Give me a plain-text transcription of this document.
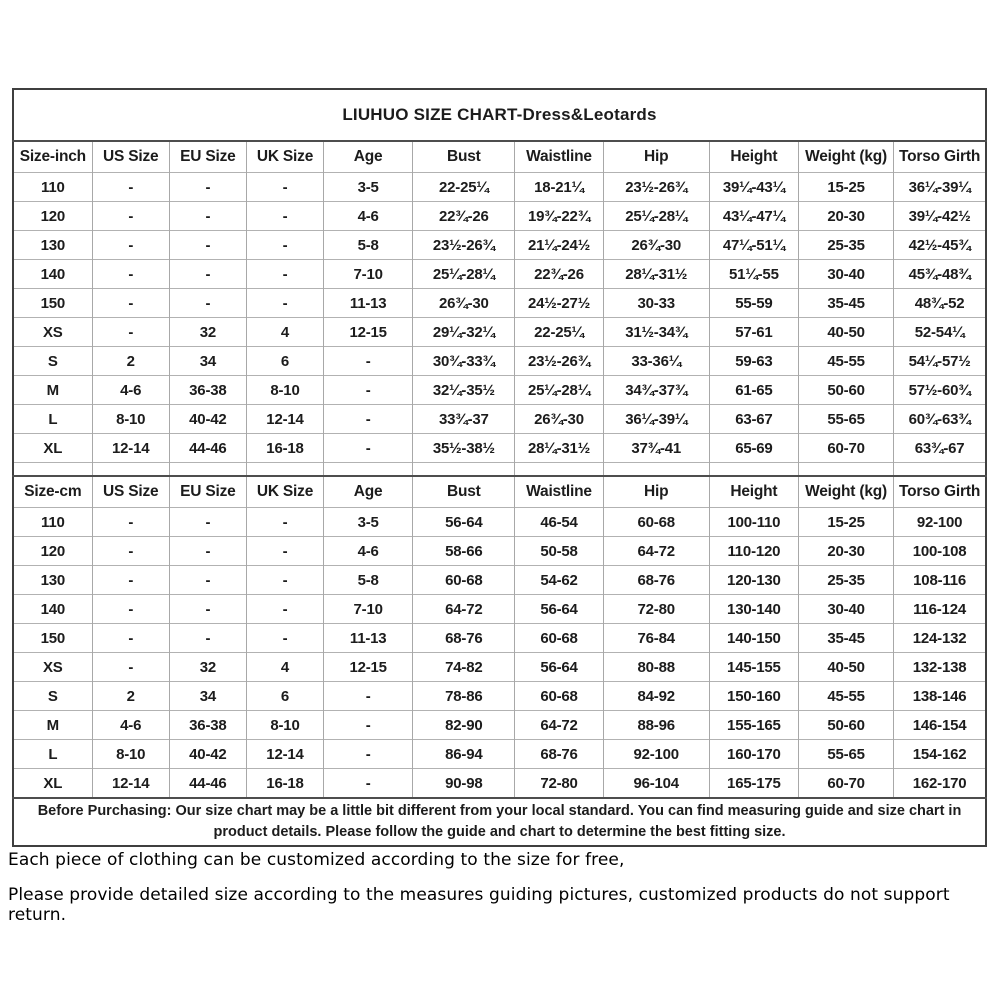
LIUHUO SIZE CHART-Dress&Leotards										
Size-inch	US Size	EU Size	UK Size	Age	Bust	Waistline	Hip	Height	Weight (kg)	Torso Girth
110	-	-	-	3-5	22-25¼	18-21¼	23½-26¾	39¼-43¼	15-25	36¼-39¼
120	-	-	-	4-6	22¾-26	19¾-22¾	25¼-28¼	43¼-47¼	20-30	39¼-42½
130	-	-	-	5-8	23½-26¾	21¼-24½	26¾-30	47¼-51¼	25-35	42½-45¾
140	-	-	-	7-10	25¼-28¼	22¾-26	28¼-31½	51¼-55	30-40	45¾-48¾
150	-	-	-	11-13	26¾-30	24½-27½	30-33	55-59	35-45	48¾-52
XS	-	32	4	12-15	29¼-32¼	22-25¼	31½-34¾	57-61	40-50	52-54¼
S	2	34	6	-	30¾-33¾	23½-26¾	33-36¼	59-63	45-55	54¼-57½
M	4-6	36-38	8-10	-	32¼-35½	25¼-28¼	34¾-37¾	61-65	50-60	57½-60¾
L	8-10	40-42	12-14	-	33¾-37	26¾-30	36¼-39¼	63-67	55-65	60¾-63¾
XL	12-14	44-46	16-18	-	35½-38½	28¼-31½	37¾-41	65-69	60-70	63¾-67

Size-cm	US Size	EU Size	UK Size	Age	Bust	Waistline	Hip	Height	Weight (kg)	Torso Girth
110	-	-	-	3-5	56-64	46-54	60-68	100-110	15-25	92-100
120	-	-	-	4-6	58-66	50-58	64-72	110-120	20-30	100-108
130	-	-	-	5-8	60-68	54-62	68-76	120-130	25-35	108-116
140	-	-	-	7-10	64-72	56-64	72-80	130-140	30-40	116-124
150	-	-	-	11-13	68-76	60-68	76-84	140-150	35-45	124-132
XS	-	32	4	12-15	74-82	56-64	80-88	145-155	40-50	132-138
S	2	34	6	-	78-86	60-68	84-92	150-160	45-55	138-146
M	4-6	36-38	8-10	-	82-90	64-72	88-96	155-165	50-60	146-154
L	8-10	40-42	12-14	-	86-94	68-76	92-100	160-170	55-65	154-162
XL	12-14	44-46	16-18	-	90-98	72-80	96-104	165-175	60-70	162-170
Before Purchasing: Our size chart may be a little bit different from your local standard. You can find measuring guide and size chart in product details. Please follow the guide and chart to determine the best fitting size.										

Each piece of clothing can be customized according to the size for free,

Please provide detailed size according to the measures guiding pictures, customized products do not support return.
